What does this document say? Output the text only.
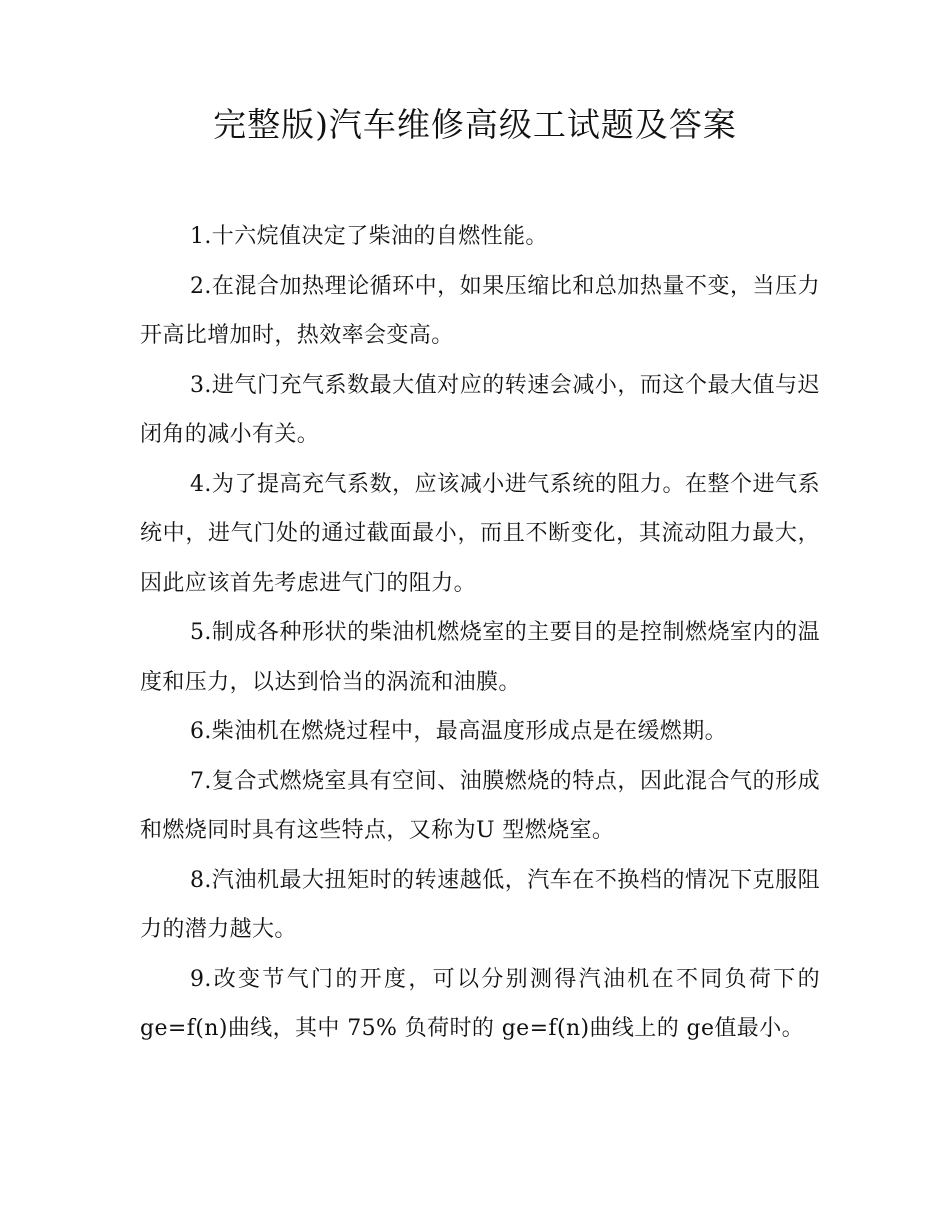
完整版)汽车维修高级工试题及答案

1.十六烷值决定了柴油的自燃性能。

2.在混合加热理论循环中，如果压缩比和总加热量不变，当压力开高比增加时，热效率会变高。

3.进气门充气系数最大值对应的转速会减小，而这个最大值与迟闭角的减小有关。

4.为了提高充气系数，应该减小进气系统的阻力。在整个进气系统中，进气门处的通过截面最小，而且不断变化，其流动阻力最大，因此应该首先考虑进气门的阻力。

5.制成各种形状的柴油机燃烧室的主要目的是控制燃烧室内的温度和压力，以达到恰当的涡流和油膜。

6.柴油机在燃烧过程中，最高温度形成点是在缓燃期。

7.复合式燃烧室具有空间、油膜燃烧的特点，因此混合气的形成和燃烧同时具有这些特点，又称为U 型燃烧室。

8.汽油机最大扭矩时的转速越低，汽车在不换档的情况下克服阻力的潜力越大。

9.改变节气门的开度，可以分别测得汽油机在不同负荷下的 ge=f(n)曲线，其中 75% 负荷时的 ge=f(n)曲线上的 ge值最小。
